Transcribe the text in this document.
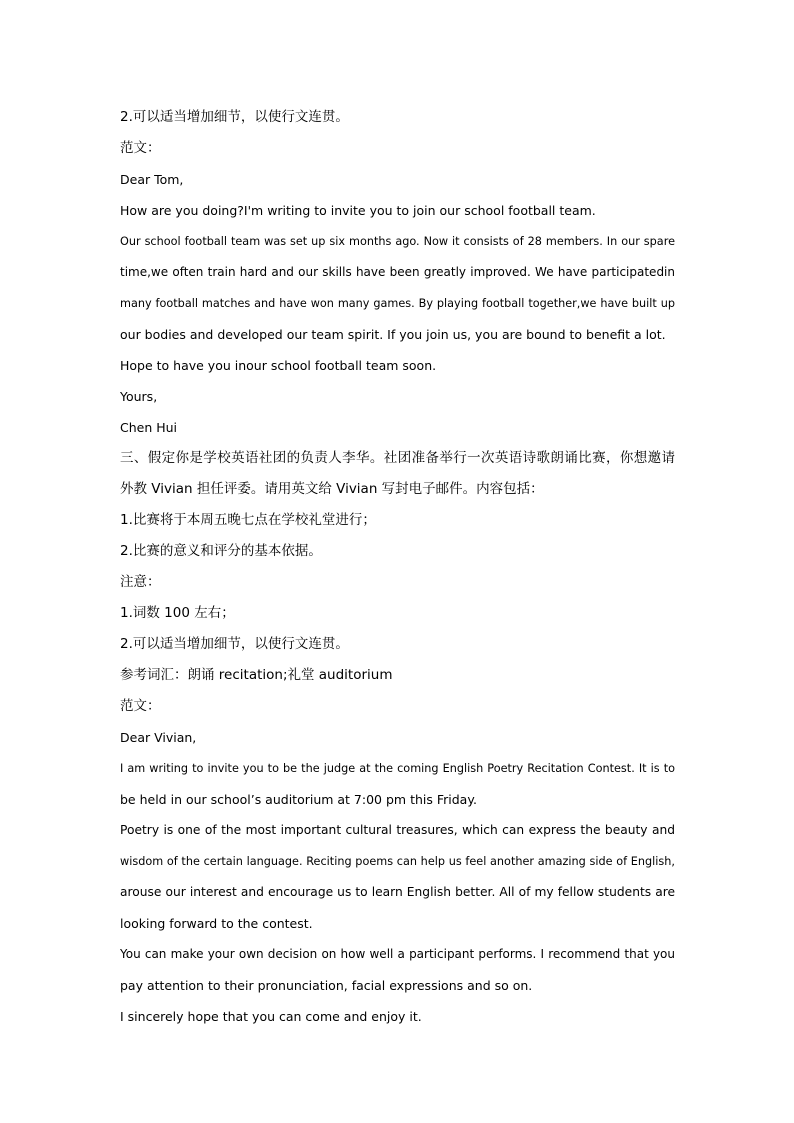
2.可以适当增加细节，以使行文连贯。

范文：

Dear Tom,

How are you doing?I'm writing to invite you to join our school football team.

Our school football team was set up six months ago. Now it consists of 28 members. In our spare

time,we often train hard and our skills have been greatly improved. We have participatedin

many football matches and have won many games. By playing football together,we have built up

our bodies and developed our team spirit. If you join us, you are bound to benefit a lot.

Hope to have you inour school football team soon.

Yours,

Chen Hui

三、假定你是学校英语社团的负责人李华。社团准备举行一次英语诗歌朗诵比赛，你想邀请

外教 Vivian 担任评委。请用英文给 Vivian 写封电子邮件。内容包括：

1.比赛将于本周五晚七点在学校礼堂进行；

2.比赛的意义和评分的基本依据。

注意：

1.词数 100 左右；

2.可以适当增加细节，以使行文连贯。

参考词汇：朗诵 recitation;礼堂 auditorium

范文：

Dear Vivian,

I am writing to invite you to be the judge at the coming English Poetry Recitation Contest. It is to

be held in our school’s auditorium at 7:00 pm this Friday.

Poetry is one of the most important cultural treasures, which can express the beauty and

wisdom of the certain language. Reciting poems can help us feel another amazing side of English,

arouse our interest and encourage us to learn English better. All of my fellow students are

looking forward to the contest.

You can make your own decision on how well a participant performs. I recommend that you

pay attention to their pronunciation, facial expressions and so on.

I sincerely hope that you can come and enjoy it.
